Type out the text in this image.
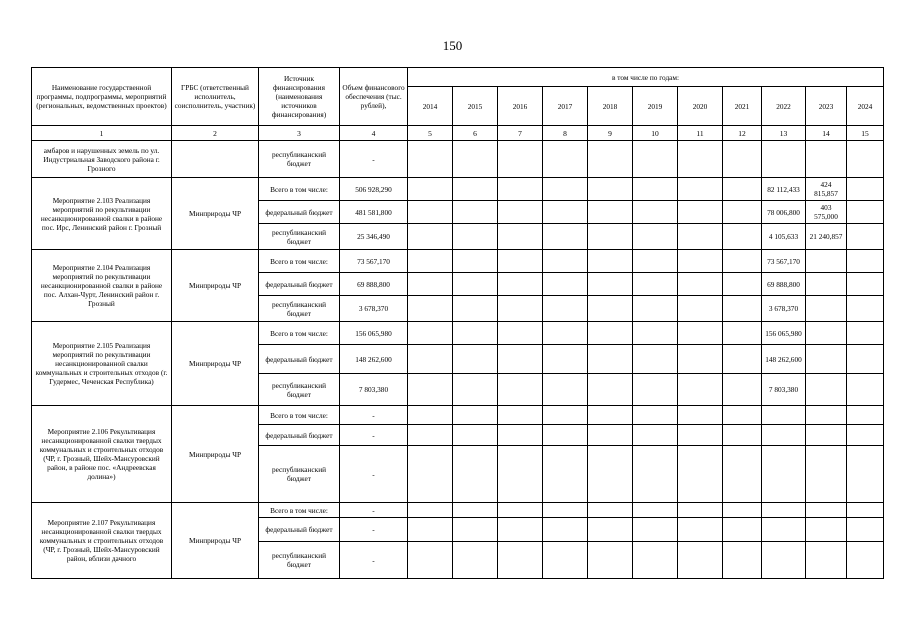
150
Наименование государственной программы, подпрограммы, мероприятий (региональных, ведомственных проектов)	ГРБС (ответственный исполнитель, соисполнитель, участник)	Источник финансирования (наименования источников финансирования)	Объем финансового обеспечения (тыс. рублей),	в том числе по годам:										
				2014	2015	2016	2017	2018	2019	2020	2021	2022	2023	2024
1	2	3	4	5	6	7	8	9	10	11	12	13	14	15
амбаров и нарушенных земель по ул. Индустриальная Заводского района г. Грозного		республиканский бюджет	-											
Мероприятие 2.103 Реализация мероприятий по рекультивации несанкционированной свалки в районе пос. Ирс, Ленинский район г. Грозный	Минприроды ЧР	Всего в том числе:	506 928,290									82 112,433	424 815,857	
		федеральный бюджет	481 581,800									78 006,800	403 575,000	
		республиканский бюджет	25 346,490									4 105,633	21 240,857	
Мероприятие 2.104 Реализация мероприятий по рекультивации несанкционированной свалки в районе пос. Алхан-Чурт, Ленинский район г. Грозный	Минприроды ЧР	Всего в том числе:	73 567,170									73 567,170		
		федеральный бюджет	69 888,800									69 888,800		
		республиканский бюджет	3 678,370									3 678,370		
Мероприятие 2.105 Реализация мероприятий по рекультивации несанкционированной свалки коммунальных и строительных отходов (г. Гудермес, Чеченская Республика)	Минприроды ЧР	Всего в том числе:	156 065,980									156 065,980		
		федеральный бюджет	148 262,600									148 262,600		
		республиканский бюджет	7 803,380									7 803,380		
Мероприятие 2.106 Рекультивация несанкционированной свалки твердых коммунальных и строительных отходов (ЧР, г. Грозный, Шейх-Мансуровский район, в районе пос. «Андреевская долина»)	Минприроды ЧР	Всего в том числе:	-											
		федеральный бюджет	-											
		республиканский бюджет	-											
Мероприятие 2.107 Рекультивация несанкционированной свалки твердых коммунальных и строительных отходов (ЧР, г. Грозный, Шейх-Мансуровский район, вблизи дачного	Минприроды ЧР	Всего в том числе:	-											
		федеральный бюджет	-											
		республиканский бюджет	-											
